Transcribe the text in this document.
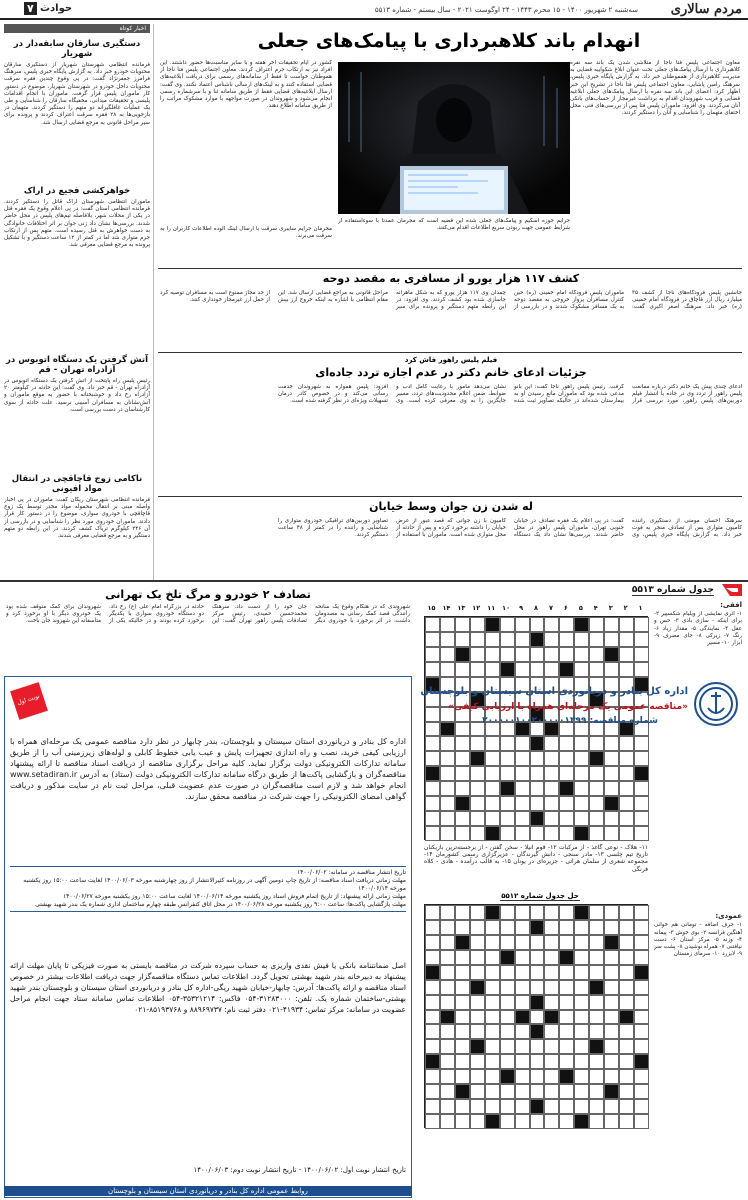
مردم سالاری
سه‌شنبه ۲ شهریور ۱۴۰۰ - ۱۵ محرم ۱۴۴۳ - ۲۴ اوگوست ۲۰۲۱ - سال بیستم - شماره ۵۵۱۳
۷ حوادث
اخبار کوتاه
دستگیری سارقان سابقه‌دار در شهریار
فرمانده انتظامی شهرستان شهریار از دستگیری سارقان محتویات خودرو خبر داد. به گزارش پایگاه خبری پلیس، سرهنگ فرامرز جعفرنژاد گفت: در پی وقوع چندین فقره سرقت محتویات داخل خودرو در شهرستان شهریار، موضوع در دستور کار ماموران پلیس قرار گرفت. ماموران با انجام اقدامات پلیسی و تحقیقات میدانی، مخفیگاه سارقان را شناسایی و طی یک عملیات غافلگیرانه دو متهم را دستگیر کردند. متهمان در بازجویی‌ها به ۲۸ فقره سرقت اعتراف کردند و پرونده برای سیر مراحل قانونی به مرجع قضایی ارسال شد.
خواهرکشی فجیع در اراک
ماموران انتظامی شهرستان اراک قاتل را دستگیر کردند. فرمانده انتظامی استان گفت: در پی اعلام وقوع یک فقره قتل در یکی از محلات شهر، بلافاصله تیم‌های پلیس در محل حاضر شدند. بررسی‌ها نشان داد زنی جوان بر اثر اختلافات خانوادگی به دست خواهرش به قتل رسیده است. متهم پس از ارتکاب جرم متواری شد اما در کمتر از ۱۲ ساعت دستگیر و با تشکیل پرونده به مرجع قضایی معرفی شد.
آتش گرفتن یک دستگاه اتوبوس در آزادراه تهران - قم
رئیس پلیس راه پایتخت از آتش گرفتن یک دستگاه اتوبوس در آزادراه تهران - قم خبر داد. وی گفت: این حادثه در کیلومتر ۲۰ آزادراه رخ داد و خوشبختانه با حضور به موقع ماموران و آتش‌نشانان به مسافران آسیبی نرسید. علت حادثه از سوی کارشناسان در دست بررسی است.
ناکامی زوج قاچاقچی در انتقال مواد افیونی
فرمانده انتظامی شهرستان ریگان گفت: ماموران در پی اخبار واصله مبنی بر انتقال محموله مواد مخدر توسط یک زوج قاچاقچی با خودروی سواری، موضوع را در دستور کار قرار دادند. ماموران خودروی مورد نظر را شناسایی و در بازرسی از آن ۲۴۶ کیلوگرم تریاک کشف کردند. در این رابطه دو متهم دستگیر و به مرجع قضایی معرفی شدند.
انهدام باند کلاهبرداری با پیامک‌های جعلی
معاون اجتماعی پلیس فتا ناجا از متلاشی شدن یک باند سه نفره کلاهبرداری با ارسال پیامک‌های جعلی تحت عنوان ابلاغ شکواییه قضایی به مدیریت کلاهبرداری از همموطنان خبر داد. به گزارش پایگاه خبری پلیس، سرهنگ رامین پاشایی، معاون اجتماعی پلیس فتا ناجا در تشریح این خبر اظهار کرد: اعضای این باند سه نفره با ارسال پیامک‌های جعلی ابلاغیه قضایی و فریب شهروندان اقدام به برداشت غیرمجاز از حساب‌های بانکی آنان می‌کردند. وی افزود: ماموران پلیس فتا پس از بررسی‌های فنی، محل اختفای متهمان را شناسایی و آنان را دستگیر کردند.
کشور در ایام تحقیقات آخر هفته و با سایر مناسبت‌ها حضور داشتند. این افراد نیز به ارتکاب جرم اعتراف کردند. معاون اجتماعی پلیس فتا ناجا از هموطنان خواست تا فقط از سامانه‌های رسمی برای دریافت ابلاغیه‌های قضایی استفاده کنند و به لینک‌های ارسالی ناشناس اعتماد نکنند. وی گفت: ارسال ابلاغیه‌های قضایی فقط از طریق سامانه ثنا و با سرشماره رسمی انجام می‌شود و شهروندان در صورت مواجهه با موارد مشکوک مراتب را از طریق سامانه اطلاع دهند.
جرایم حوزه آسکیم و پیامک‌های جعلی شده این قضیه است که مجرمان عمدتاً با سوءاستفاده از شرایط عمومی جهت ربودن سریع اطلاعات اقدام می‌کنند.
مجرمان جرایم سایبری سرقت با ارسال لینک آلوده اطلاعات کاربران را به سرقت می‌برند.
کشف ۱۱۷ هزار یورو از مسافری به مقصد دوحه
جانشین پلیس فرودگاه‌های ناجا از کشف ۳۵ میلیارد ریال ارز قاچاق در فرودگاه امام خمینی (ره) خبر داد. سرهنگ اصغر اکبری گفت: ماموران پلیس فرودگاه امام خمینی (ره) حین کنترل مسافران پرواز خروجی به مقصد دوحه به یک مسافر مشکوک شدند و در بازرسی از چمدان وی ۱۱۷ هزار یورو که به شکل ماهرانه جاسازی شده بود کشف کردند. وی افزود: در این رابطه متهم دستگیر و پرونده برای سیر مراحل قانونی به مراجع قضایی ارسال شد. این مقام انتظامی با اشاره به اینکه خروج ارز بیش از حد مجاز ممنوع است به مسافران توصیه کرد از حمل ارز غیرمجاز خودداری کنند.
فیلم پلیس راهور فاش کرد
جزئیات ادعای خانم دکتر در عدم اجازه تردد جاده‌ای
ادعای چندی پیش یک خانم دکتر درباره ممانعت پلیس راهور از تردد وی در جاده با انتشار فیلم دوربین‌های پلیس راهور، مورد بررسی قرار گرفت. رئیس پلیس راهور ناجا گفت: این بانو مدعی شده بود که ماموران مانع رسیدن او به بیمارستان شده‌اند در حالیکه تصاویر ثبت شده نشان می‌دهد مامور با رعایت کامل ادب و ضوابط، ضمن اعلام محدودیت‌های تردد، مسیر جایگزین را به وی معرفی کرده است. وی افزود: پلیس همواره به شهروندان خدمت رسانی می‌کند و در خصوص کادر درمان تسهیلات ویژه‌ای در نظر گرفته شده است.
له شدن زن جوان وسط خیابان
سرهنگ احسان مومنی از دستگیری راننده کامیون متواری پس از تصادف منجر به فوت خبر داد. به گزارش پایگاه خبری پلیس، وی گفت: در پی اعلام یک فقره تصادف در خیابان جنوبی تهران، ماموران پلیس راهور در محل حاضر شدند. بررسی‌ها نشان داد یک دستگاه کامیون با زن جوانی که قصد عبور از عرض خیابان را داشته برخورد کرده و پس از حادثه از محل متواری شده است. ماموران با استفاده از تصاویر دوربین‌های ترافیکی خودروی متواری را شناسایی و راننده را در کمتر از ۴۸ ساعت دستگیر کردند.
جدول شماره ۵۵۱۳
افقی:
۱- اثری نمایشی از ویلیام شکسپیر ۲- برای اینکه - سازی بادی ۳- حس و عقل ۴- نمایندگی ۵- مقدار زیاد ۶- رنگ ۷- زیرکی ۸- جای مصرف ۹- ابزار ۱۰- مسیر
عمودی:
۱- حرف اضافه - تومانی هم خوانی آهنگین فرانسه ۲- بوی خوش ۳- پیمانه ۴- وزنه ۵- مرکز استان ۶- دست نیافتنی ۷- همراه نوشیدن ۸- پشت سر ۹- لایزرد ۱۰- سرمای زمستان
۱
۲
۳
۴
۵
۶
۷
۸
۹
۱۰
۱۱
۱۲
۱۳
۱۴
۱۵
۱۱- هلاک - نوعی گاغذ - از مرکبات ۱۲- قوم آنیلا - سخن گفتن - از برجسته‌ترین بازیکنان تاریخ تیم چلسی ۱۳- مادر سنجی - دانش گیرندگان - عزیرگزاری رسمی کشورمان ۱۴- مجموعه شعری از سلمان هراتی - جزیره‌ای در یونان ۱۵- به قالب درآمده - هادی - کلاه فرنگی
حل جدول شماره ۵۵۱۲
تصادف ۲ خودرو و مرگ تلخ یک تهرانی
شهروندی که در هنگام وقوع یک سانحه رانندگی قصد کمک رسانی به مصدومان داشت، در اثر برخورد با خودروی دیگر جان خود را از دست داد. سرهنگ محمدحسین حمیدی، رئیس مرکز تصادفات پلیس راهور تهران گفت: این حادثه در بزرگراه امام علی (ع) رخ داد. دو دستگاه خودروی سواری با یکدیگر برخورد کرده بودند و در حالیکه یکی از شهروندان برای کمک متوقف شده بود یک خودروی دیگر با او برخورد کرد و متاسفانه این شهروند جان باخت.
نوبت اول
اداره کل بنادر و دریانوردی استان سیستان و بلوچستان
«مناقصه عمومی یک مرحله‌ای همراه با ارزیابی کیفی»
شماره مناقصه: ۲۰۰۰۰۰۱۰۰۲۰۰۰۰۰۱۳۹۹
اداره کل بنادر و دریانوردی استان سیستان و بلوچستان، بندر چابهار در نظر دارد مناقصه عمومی یک مرحله‌ای همراه با ارزیابی کیفی خرید، نصب و راه اندازی تجهیزات پایش و عیب یابی خطوط کابلی و لوله‌های زیرزمینی آب را از طریق سامانه تدارکات الکترونیکی دولت برگزار نماید. کلیه مراحل برگزاری مناقصه از دریافت اسناد مناقصه تا ارائه پیشنهاد مناقصه‌گران و بازگشایی پاکت‌ها از طریق درگاه سامانه تدارکات الکترونیکی دولت (ستاد) به آدرس www.setadiran.ir انجام خواهد شد و لازم است مناقصه‌گران در صورت عدم عضویت قبلی، مراحل ثبت نام در سایت مذکور و دریافت گواهی امضای الکترونیکی را جهت شرکت در مناقصه محقق سازند.
تاریخ انتشار مناقصه در سامانه: ۱۴۰۰/۰۶/۰۲
مهلت زمانی دریافت اسناد مناقصه: از تاریخ چاپ دومین آگهی در روزنامه کثیرالانتشار از روز چهارشنبه مورخه ۱۴۰۰/۰۶/۰۳ لغایت ساعت ۱۵:۰۰ روز یکشنبه مورخه ۱۴۰۰/۰۶/۱۴
مهلت زمانی ارائه پیشنهاد: از تاریخ اتمام فروش اسناد روز یکشنبه مورخه ۱۴۰۰/۰۶/۱۴ لغایت ساعت ۱۵:۰۰ روز یکشنبه مورخه ۱۴۰۰/۰۶/۲۷
مهلت بازگشایی پاکت‌ها: ساعت ۹:۰۰ روز یکشنبه مورخه ۱۴۰۰/۰۶/۲۸ در محل اتاق کنفرانس طبقه چهارم ساختمان اداری شماره یک بندر شهید بهشتی
اصل ضمانتنامه بانکی یا فیش نقدی واریزی به حساب سپرده شرکت در مناقصه بایستی به صورت فیزیکی تا پایان مهلت ارائه پیشنهاد به دبیرخانه بندر شهید بهشتی تحویل گردد. اطلاعات تماس دستگاه مناقصه‌گزار جهت دریافت اطلاعات بیشتر در خصوص اسناد مناقصه و ارائه پاکت‌ها: آدرس: چابهار-خیابان شهید ریگی-اداره کل بنادر و دریانوردی استان سیستان و بلوچستان بندر شهید بهشتی-ساختمان شماره یک. تلفن: ۳۱۲۸۳۰۰۰-۰۵۴ فاکس: ۳۵۳۲۱۲۱۴-۰۵۴ اطلاعات تماس سامانه ستاد جهت انجام مراحل عضویت در سامانه: مرکز تماس: ۴۱۹۳۴-۰۲۱ دفتر ثبت نام: ۸۸۹۶۹۷۳۷ و ۸۵۱۹۳۷۶۸-۰۲۱
تاریخ انتشار نوبت اول: ۱۴۰۰/۰۶/۰۲ - تاریخ انتشار نوبت دوم: ۱۴۰۰/۰۶/۰۳
روابط عمومی اداره کل بنادر و دریانوردی استان سیستان و بلوچستان
